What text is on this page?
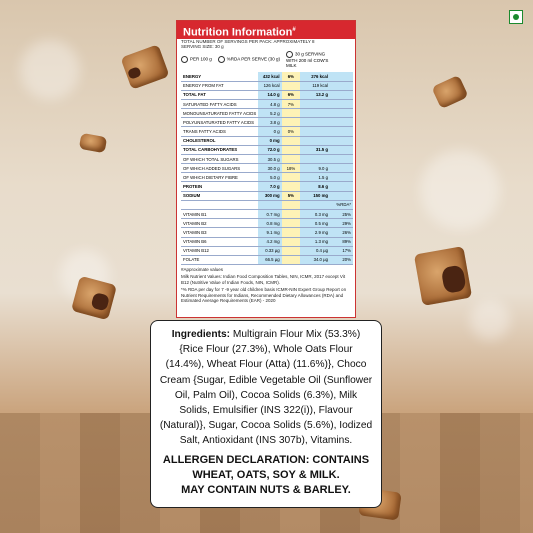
Nutrition Information#
TOTAL NUMBER OF SERVINGS PER PACK: APPROXIMATELY 8
SERVING SIZE: 30 g
PER 100 g	%RDA PER SERVE (30 g)
30 g SERVING WITH 200 ml COW'S MILK
ENERGY	432 kcal	6%	276 kcal	
ENERGY FROM FAT	126 kcal		119 kcal	
TOTAL FAT	14.0 g	6%	13.2 g	
SATURATED FATTY ACIDS	4.8 g	7%		
MONOUNSATURATED FATTY ACIDS	5.2 g			
POLYUNSATURATED FATTY ACIDS	3.8 g			
TRANS FATTY ACIDS	0 g	0%		
CHOLESTEROL	0 mg			
TOTAL CARBOHYDRATES	72.0 g		31.5 g	
OF WHICH TOTAL SUGARS	30.5 g			
OF WHICH ADDED SUGARS	30.0 g	18%	9.0 g	
OF WHICH DIETARY FIBRE	5.0 g		1.5 g	
PROTEIN	7.0 g		8.6 g	
SODIUM	300 mg	5%	150 mg	
				%RDA*
VITAMIN B1	0.7 mg		0.3 mg	25%
VITAMIN B2	0.8 mg		0.5 mg	29%
VITAMIN B3	9.1 mg		2.9 mg	26%
VITAMIN B6	4.2 mg		1.3 mg	89%
VITAMIN B12	0.33 µg		0.4 µg	17%
FOLATE	66.5 µg		34.0 µg	20%
#Approximate values
Milk Nutrient Values: Indian Food Composition Tables, NIN, ICMR, 2017 except Vit B12 (Nutritive Value of Indian Foods, NIN, ICMR).
*% RDA per day for 7 -9 year old children basis ICMR-NIN Expert Group Report on Nutrient Requirements for Indians, Recommended Dietary Allowances (RDA) and Estimated Average Requirements (EAR) - 2020

Ingredients: Multigrain Flour Mix (53.3%) {Rice Flour (27.3%), Whole Oats Flour (14.4%), Wheat Flour (Atta) (11.6%)}, Choco Cream {Sugar, Edible Vegetable Oil (Sunflower Oil, Palm Oil), Cocoa Solids (6.3%), Milk Solids, Emulsifier (INS 322(i)), Flavour (Natural)}, Sugar, Cocoa Solids (5.6%), Iodized Salt, Antioxidant (INS 307b), Vitamins.

ALLERGEN DECLARATION: CONTAINS WHEAT, OATS, SOY & MILK.
MAY CONTAIN NUTS & BARLEY.
